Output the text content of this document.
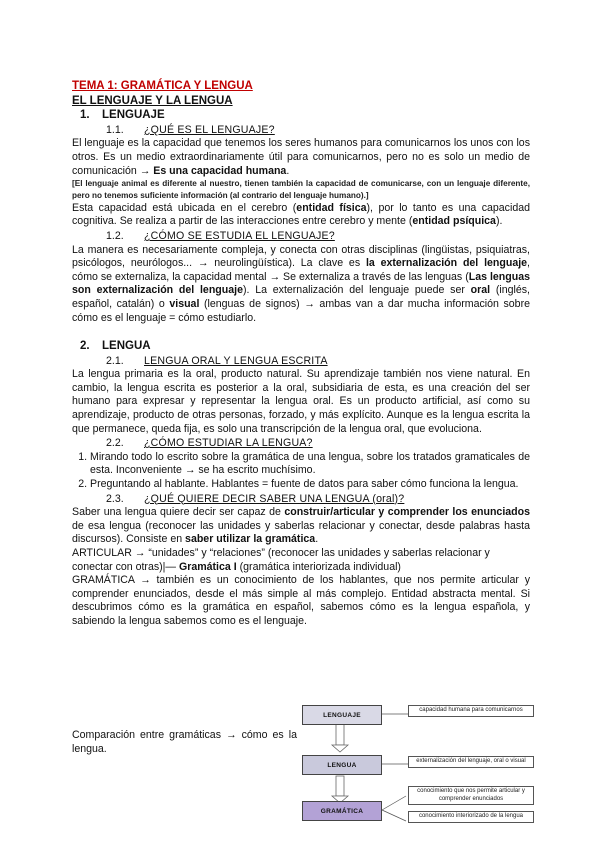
TEMA 1: GRAMÁTICA Y LENGUA
EL LENGUAJE Y LA LENGUA
1. LENGUAJE
1.1. ¿QUÉ ES EL LENGUAJE?

El lenguaje es la capacidad que tenemos los seres humanos para comunicarnos los unos con los otros. Es un medio extraordinariamente útil para comunicarnos, pero no es solo un medio de comunicación → Es una capacidad humana.

[El lenguaje animal es diferente al nuestro, tienen también la capacidad de comunicarse, con un lenguaje diferente, pero no tenemos suficiente información (al contrario del lenguaje humano).]

Esta capacidad está ubicada en el cerebro (entidad física), por lo tanto es una capacidad cognitiva. Se realiza a partir de las interacciones entre cerebro y mente (entidad psíquica).

1.2. ¿CÓMO SE ESTUDIA EL LENGUAJE?

La manera es necesariamente compleja, y conecta con otras disciplinas (lingüistas, psiquiatras, psicólogos, neurólogos... → neurolingüística). La clave es la externalización del lenguaje, cómo se externaliza, la capacidad mental → Se externaliza a través de las lenguas (Las lenguas son externalización del lenguaje). La externalización del lenguaje puede ser oral (inglés, español, catalán) o visual (lenguas de signos) → ambas van a dar mucha información sobre cómo es el lenguaje = cómo estudiarlo.

2. LENGUA
2.1. LENGUA ORAL Y LENGUA ESCRITA

La lengua primaria es la oral, producto natural. Su aprendizaje también nos viene natural. En cambio, la lengua escrita es posterior a la oral, subsidiaria de esta, es una creación del ser humano para expresar y representar la lengua oral. Es un producto artificial, así como su aprendizaje, producto de otras personas, forzado, y más explícito. Aunque es la lengua escrita la que permanece, queda fija, es solo una transcripción de la lengua oral, que evoluciona.

2.2. ¿CÓMO ESTUDIAR LA LENGUA?
1. Mirando todo lo escrito sobre la gramática de una lengua, sobre los tratados gramaticales de esta. Inconveniente → se ha escrito muchísimo.
2. Preguntando al hablante. Hablantes = fuente de datos para saber cómo funciona la lengua.
2.3. ¿QUÉ QUIERE DECIR SABER UNA LENGUA (oral)?

Saber una lengua quiere decir ser capaz de construir/articular y comprender los enunciados de esa lengua (reconocer las unidades y saberlas relacionar y conectar, desde palabras hasta discursos). Consiste en saber utilizar la gramática.

ARTICULAR → “unidades” y “relaciones” (reconocer las unidades y saberlas relacionar y conectar con otras)|— Gramática I (gramática interiorizada individual)

GRAMÁTICA → también es un conocimiento de los hablantes, que nos permite articular y comprender enunciados, desde el más simple al más complejo. Entidad abstracta mental. Si descubrimos cómo es la gramática en español, sabemos cómo es la lengua española, y sabiendo la lengua sabemos como es el lenguaje.

Comparación entre gramáticas → cómo es la lengua.
LENGUAJE
LENGUA
GRAMÁTICA
capacidad humana para comunicarnos
externalización del lenguaje, oral o visual
conocimiento que nos permite articular y comprender enunciados
conocimiento interiorizado de la lengua
